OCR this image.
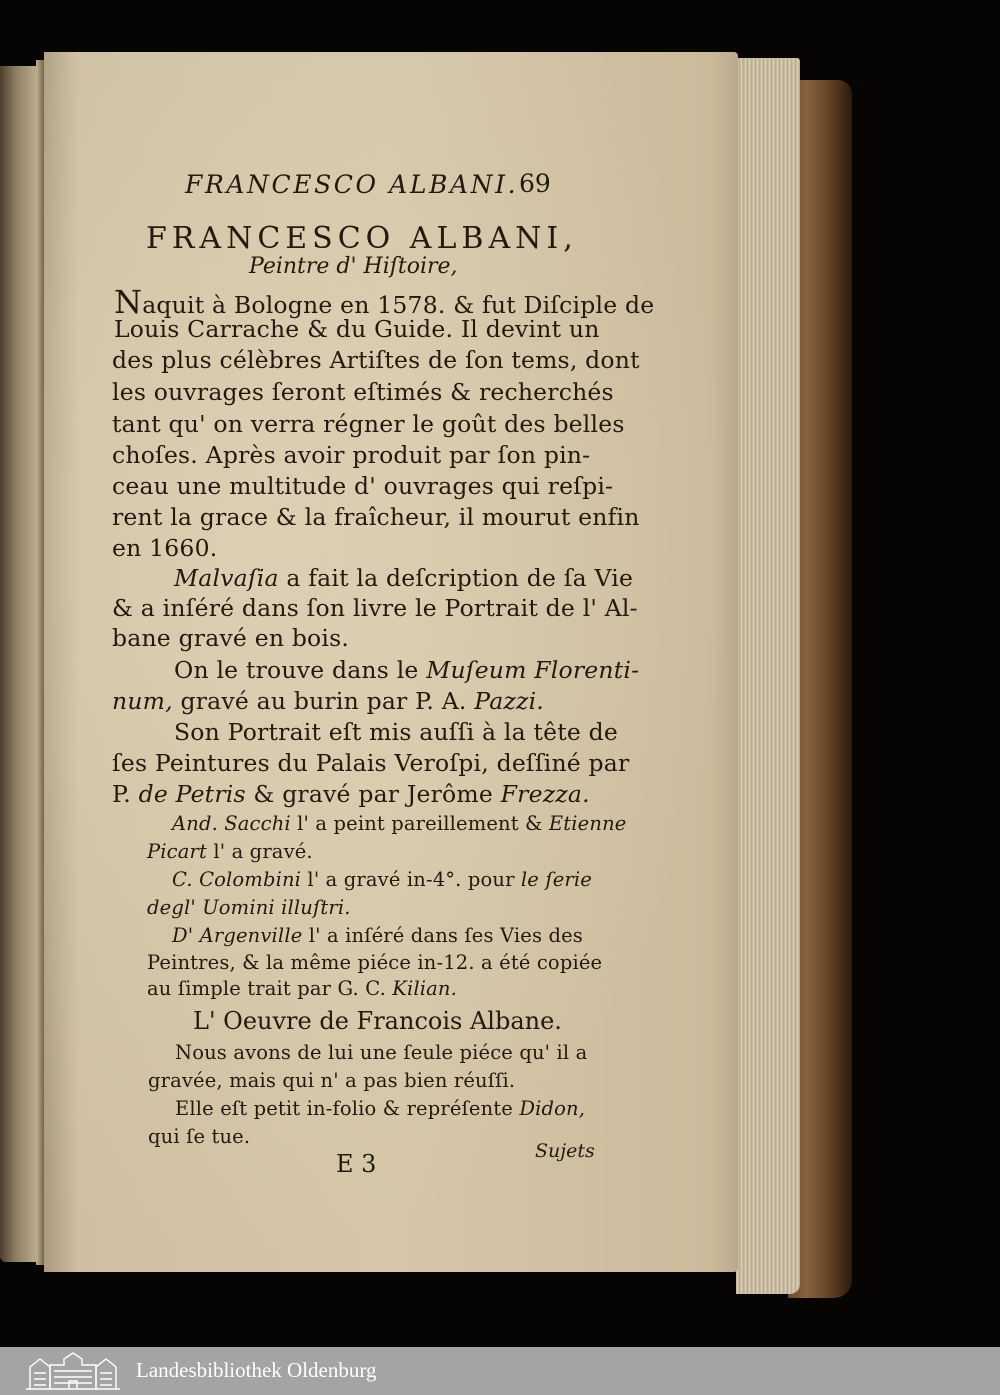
FRANCESCO ALBANI. 69
FRANCESCO ALBANI,
Peintre d' Hiſtoire,
Naquit à Bologne en 1578. & fut Diſciple de
Louis Carrache & du Guide. Il devint un
des plus célèbres Artiſtes de ſon tems, dont
les ouvrages ſeront eſtimés & recherchés
tant qu' on verra régner le goût des belles
choſes. Après avoir produit par ſon pin-
ceau une multitude d' ouvrages qui reſpi-
rent la grace & la fraîcheur, il mourut enfin
en 1660.
Malvaſia a fait la deſcription de ſa Vie
& a inſéré dans ſon livre le Portrait de l' Al-
bane gravé en bois.
On le trouve dans le Muſeum Florenti-
num, gravé au burin par P. A. Pazzi.
Son Portrait eſt mis auſſi à la tête de
ſes Peintures du Palais Veroſpi, deſſiné par
P. de Petris & gravé par Jerôme Frezza.
And. Sacchi l' a peint pareillement & Etienne
Picart l' a gravé.
C. Colombini l' a gravé in-4°. pour le ſerie
degl' Uomini illuſtri.
D' Argenville l' a inſéré dans ſes Vies des
Peintres, & la même piéce in-12. a été copiée
au ſimple trait par G. C. Kilian.
L' Oeuvre de Francois Albane.
Nous avons de lui une ſeule piéce qu' il a
gravée, mais qui n' a pas bien réuſſi.
Elle eſt petit in-folio & repréſente Didon,
qui ſe tue.
E 3	Sujets
Landesbibliothek Oldenburg
